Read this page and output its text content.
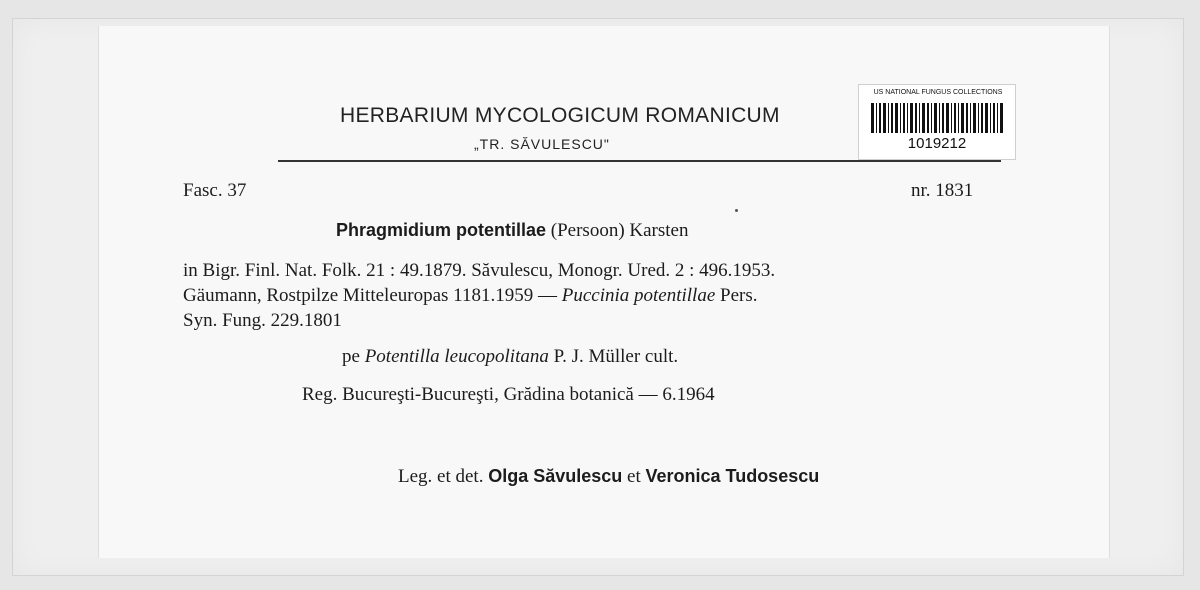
HERBARIUM MYCOLOGICUM ROMANICUM
„TR. SĂVULESCU"
US NATIONAL FUNGUS COLLECTIONS
1019212
Fasc. 37	nr. 1831
Phragmidium potentillae (Persoon) Karsten
in Bigr. Finl. Nat. Folk. 21 : 49.1879. Săvulescu, Monogr. Ured. 2 : 496.1953.
Gäumann, Rostpilze Mitteleuropas 1181.1959 — Puccinia potentillae Pers.
Syn. Fung. 229.1801
pe Potentilla leucopolitana P. J. Müller cult.
Reg. Bucureşti-Bucureşti, Grădina botanică — 6.1964
Leg. et det. Olga Săvulescu et Veronica Tudosescu
